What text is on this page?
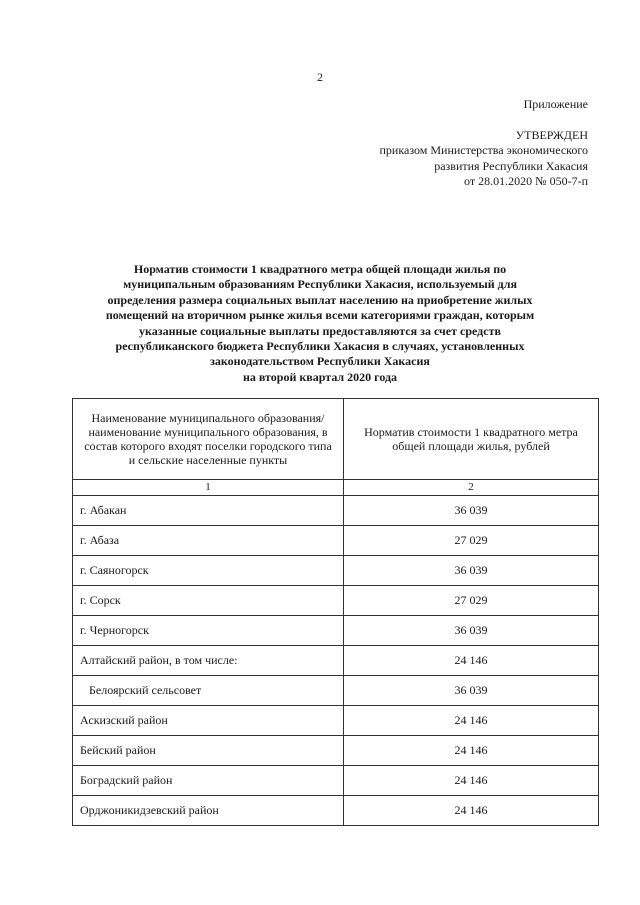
2
Приложение
УТВЕРЖДЕН
приказом Министерства экономического
развития Республики Хакасия
от 28.01.2020 № 050-7-п
Норматив стоимости 1 квадратного метра общей площади жилья по
муниципальным образованиям Республики Хакасия, используемый для
определения размера социальных выплат населению на приобретение жилых
помещений на вторичном рынке жилья всеми категориями граждан, которым
указанные социальные выплаты предоставляются за счет средств
республиканского бюджета Республики Хакасия в случаях, установленных
законодательством Республики Хакасия
на второй квартал 2020 года
Наименование муниципального образования/ наименование муниципального образования, в состав которого входят поселки городского типа и сельские населенные пункты	Норматив стоимости 1 квадратного метра общей площади жилья, рублей
1	2
г. Абакан	36 039
г. Абаза	27 029
г. Саяногорск	36 039
г. Сорск	27 029
г. Черногорск	36 039
Алтайский район, в том числе:	24 146
Белоярский сельсовет	36 039
Аскизский район	24 146
Бейский район	24 146
Боградский район	24 146
Орджоникидзевский район	24 146
